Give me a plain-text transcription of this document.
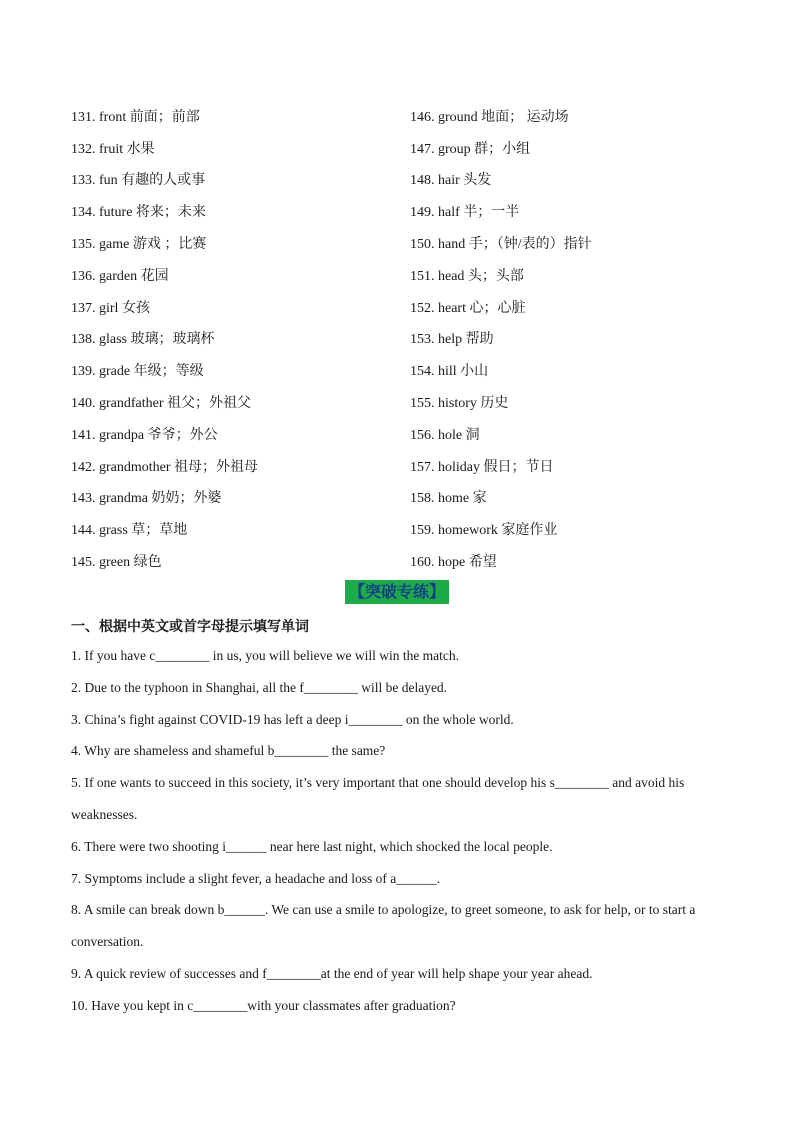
131. front 前面；前部	146. ground 地面； 运动场
132. fruit 水果	147. group 群；小组
133. fun 有趣的人或事	148. hair 头发
134. future 将来；未来	149. half 半；一半
135. game 游戏 ；比赛	150. hand 手；（钟/表的）指针
136. garden 花园	151. head 头；头部
137. girl 女孩	152. heart 心；心脏
138. glass 玻璃；玻璃杯	153. help 帮助
139. grade 年级；等级	154. hill 小山
140. grandfather 祖父；外祖父	155. history 历史
141. grandpa 爷爷；外公	156. hole 洞
142. grandmother 祖母；外祖母	157. holiday 假日；节日
143. grandma 奶奶；外婆	158. home 家
144. grass 草；草地	159. homework 家庭作业
145. green 绿色	160. hope 希望
【突破专练】
一、根据中英文或首字母提示填写单词

1. If you have c________ in us, you will believe we will win the match.

2. Due to the typhoon in Shanghai, all the f________ will be delayed.

3. China’s fight against COVID-19 has left a deep i________ on the whole world.

4. Why are shameless and shameful b________ the same?

5. If one wants to succeed in this society, it’s very important that one should develop his s________ and avoid his weaknesses.

6. There were two shooting i______ near here last night, which shocked the local people.

7. Symptoms include a slight fever, a headache and loss of a______.

8. A smile can break down b______. We can use a smile to apologize, to greet someone, to ask for help, or to start a conversation.

9. A quick review of successes and f________at the end of year will help shape your year ahead.

10. Have you kept in c________with your classmates after graduation?
